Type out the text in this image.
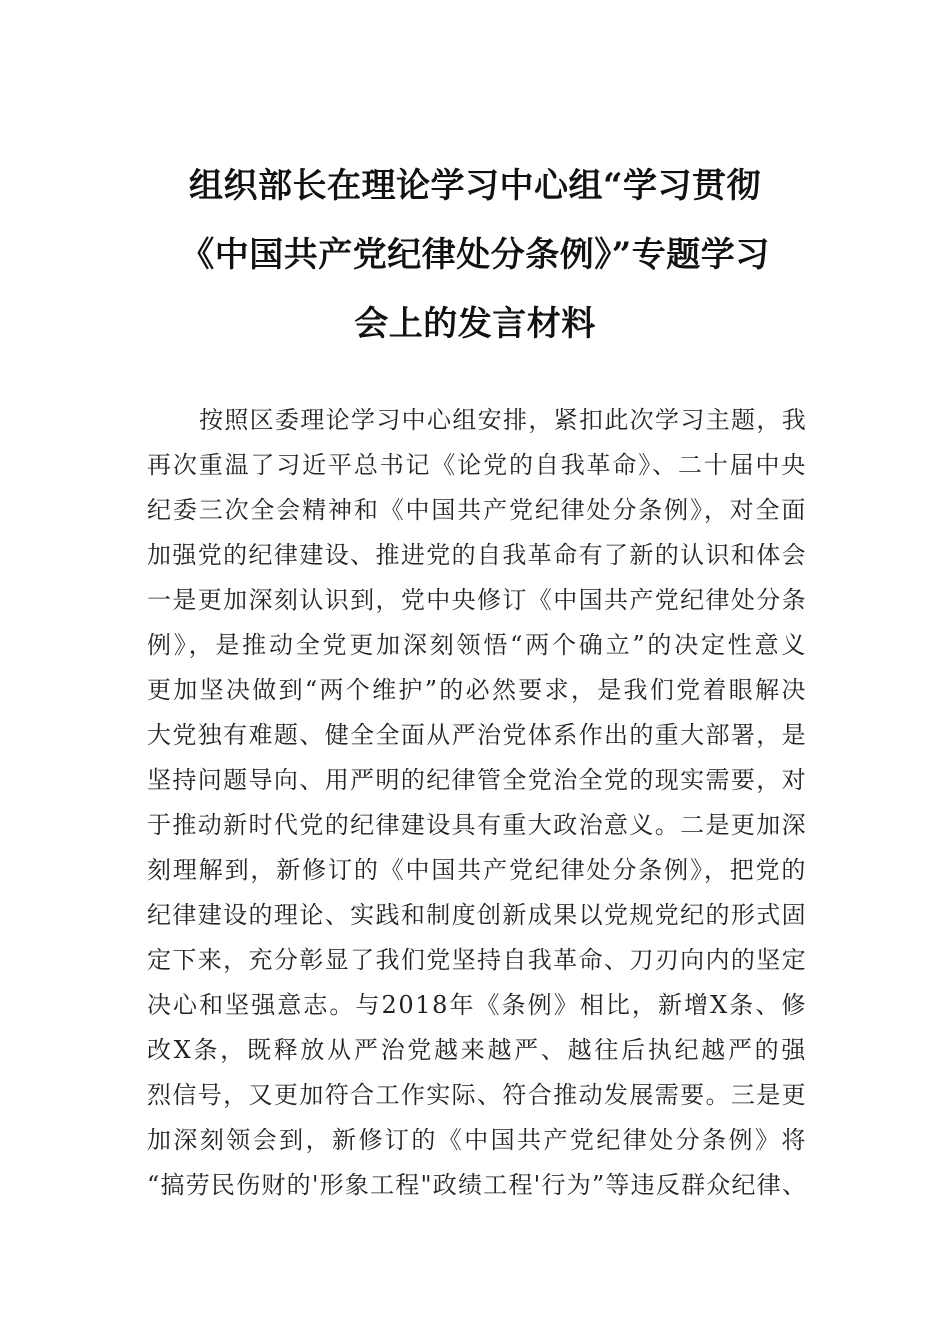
组织部长在理论学习中心组“学习贯彻
《中国共产党纪律处分条例》”专题学习
会上的发言材料
按照区委理论学习中心组安排，紧扣此次学习主题，我
再次重温了习近平总书记《论党的自我革命》、二十届中央
纪委三次全会精神和《中国共产党纪律处分条例》，对全面
加强党的纪律建设、推进党的自我革命有了新的认识和体会
一是更加深刻认识到，党中央修订《中国共产党纪律处分条
例》，是推动全党更加深刻领悟“两个确立”的决定性意义
更加坚决做到“两个维护”的必然要求，是我们党着眼解决
大党独有难题、健全全面从严治党体系作出的重大部署，是
坚持问题导向、用严明的纪律管全党治全党的现实需要，对
于推动新时代党的纪律建设具有重大政治意义。二是更加深
刻理解到，新修订的《中国共产党纪律处分条例》，把党的
纪律建设的理论、实践和制度创新成果以党规党纪的形式固
定下来，充分彰显了我们党坚持自我革命、刀刃向内的坚定
决心和坚强意志。与2018年《条例》相比，新增X条、修
改X条，既释放从严治党越来越严、越往后执纪越严的强
烈信号，又更加符合工作实际、符合推动发展需要。三是更
加深刻领会到，新修订的《中国共产党纪律处分条例》将
“搞劳民伤财的'形象工程"政绩工程'行为”等违反群众纪律、
